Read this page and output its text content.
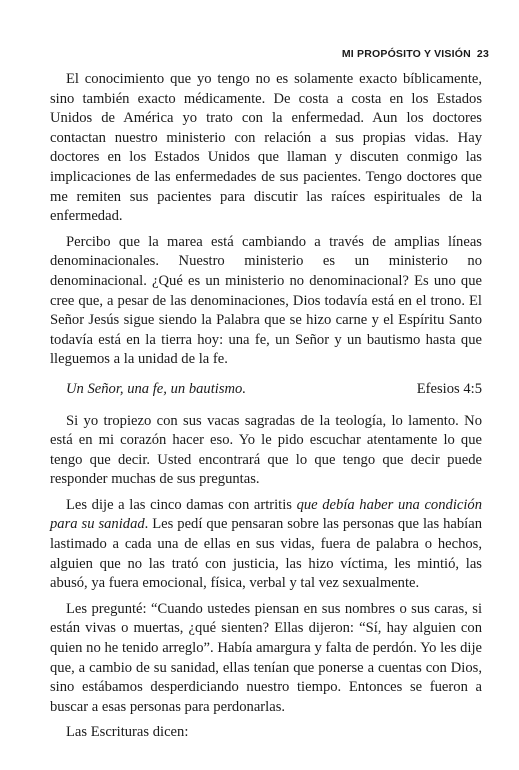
MI PROPÓSITO Y VISIÓN 23

El conocimiento que yo tengo no es solamente exacto bíblicamente, sino también exacto médicamente. De costa a costa en los Estados Unidos de América yo trato con la enfermedad. Aun los doctores contactan nuestro ministerio con relación a sus propias vidas. Hay doctores en los Estados Unidos que llaman y discuten conmigo las implicaciones de las enfermedades de sus pacientes. Tengo doctores que me remiten sus pacientes para discutir las raíces espirituales de la enfermedad.

Percibo que la marea está cambiando a través de amplias líneas denominacionales. Nuestro ministerio es un ministerio no denominacional. ¿Qué es un ministerio no denominacional? Es uno que cree que, a pesar de las denominaciones, Dios todavía está en el trono. El Señor Jesús sigue siendo la Palabra que se hizo carne y el Espíritu Santo todavía está en la tierra hoy: una fe, un Señor y un bautismo hasta que lleguemos a la unidad de la fe.

Un Señor, una fe, un bautismo.	Efesios 4:5

Si yo tropiezo con sus vacas sagradas de la teología, lo lamento. No está en mi corazón hacer eso. Yo le pido escuchar atentamente lo que tengo que decir. Usted encontrará que lo que tengo que decir puede responder muchas de sus preguntas.

Les dije a las cinco damas con artritis que debía haber una condición para su sanidad. Les pedí que pensaran sobre las personas que las habían lastimado a cada una de ellas en sus vidas, fuera de palabra o hechos, alguien que no las trató con justicia, las hizo víctima, les mintió, las abusó, ya fuera emocional, física, verbal y tal vez sexualmente.

Les pregunté: “Cuando ustedes piensan en sus nombres o sus caras, si están vivas o muertas, ¿qué sienten? Ellas dijeron: “Sí, hay alguien con quien no he tenido arreglo”. Había amargura y falta de perdón. Yo les dije que, a cambio de su sanidad, ellas tenían que ponerse a cuentas con Dios, sino estábamos desperdiciando nuestro tiempo. Entonces se fueron a buscar a esas personas para perdonarlas.

Las Escrituras dicen:
